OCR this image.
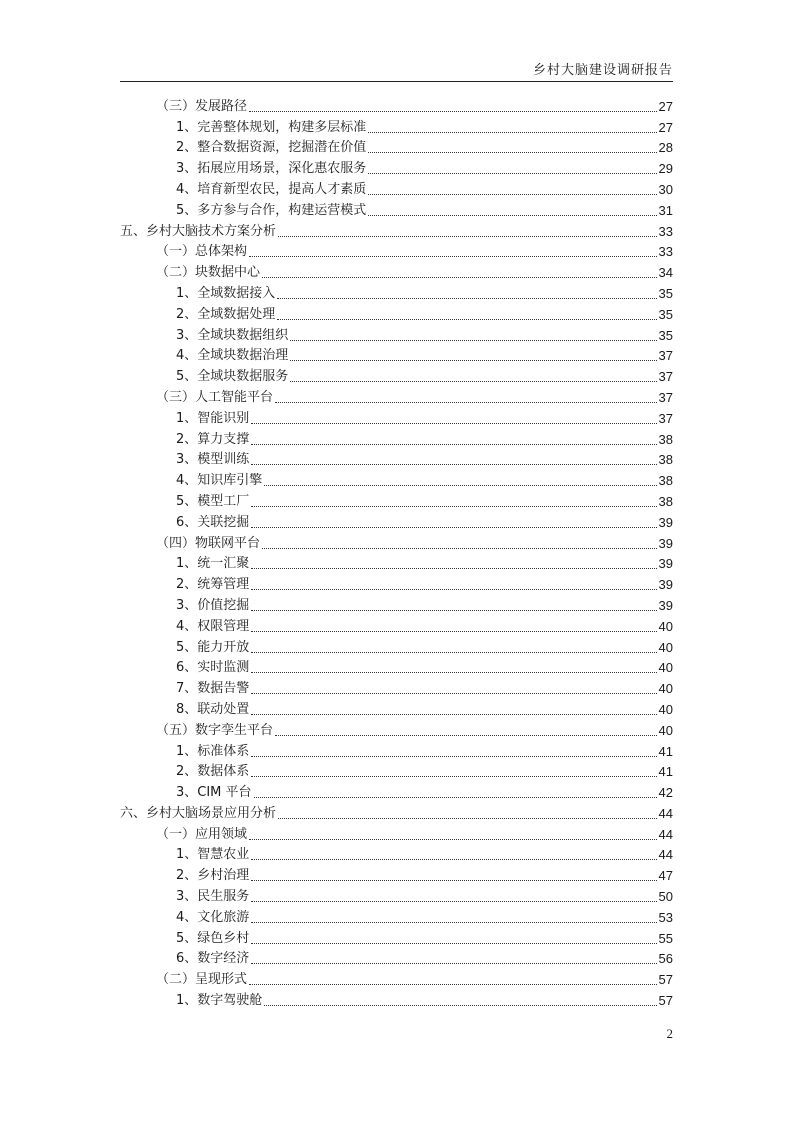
乡村大脑建设调研报告
（三）发展路径	27
1、完善整体规划，构建多层标准	27
2、整合数据资源，挖掘潜在价值	28
3、拓展应用场景，深化惠农服务	29
4、培育新型农民，提高人才素质	30
5、多方参与合作，构建运营模式	31
五、乡村大脑技术方案分析	33
（一）总体架构	33
（二）块数据中心	34
1、全域数据接入	35
2、全域数据处理	35
3、全域块数据组织	35
4、全域块数据治理	37
5、全域块数据服务	37
（三）人工智能平台	37
1、智能识别	37
2、算力支撑	38
3、模型训练	38
4、知识库引擎	38
5、模型工厂	38
6、关联挖掘	39
（四）物联网平台	39
1、统一汇聚	39
2、统筹管理	39
3、价值挖掘	39
4、权限管理	40
5、能力开放	40
6、实时监测	40
7、数据告警	40
8、联动处置	40
（五）数字孪生平台	40
1、标准体系	41
2、数据体系	41
3、CIM 平台	42
六、乡村大脑场景应用分析	44
（一）应用领域	44
1、智慧农业	44
2、乡村治理	47
3、民生服务	50
4、文化旅游	53
5、绿色乡村	55
6、数字经济	56
（二）呈现形式	57
1、数字驾驶舱	57
2
